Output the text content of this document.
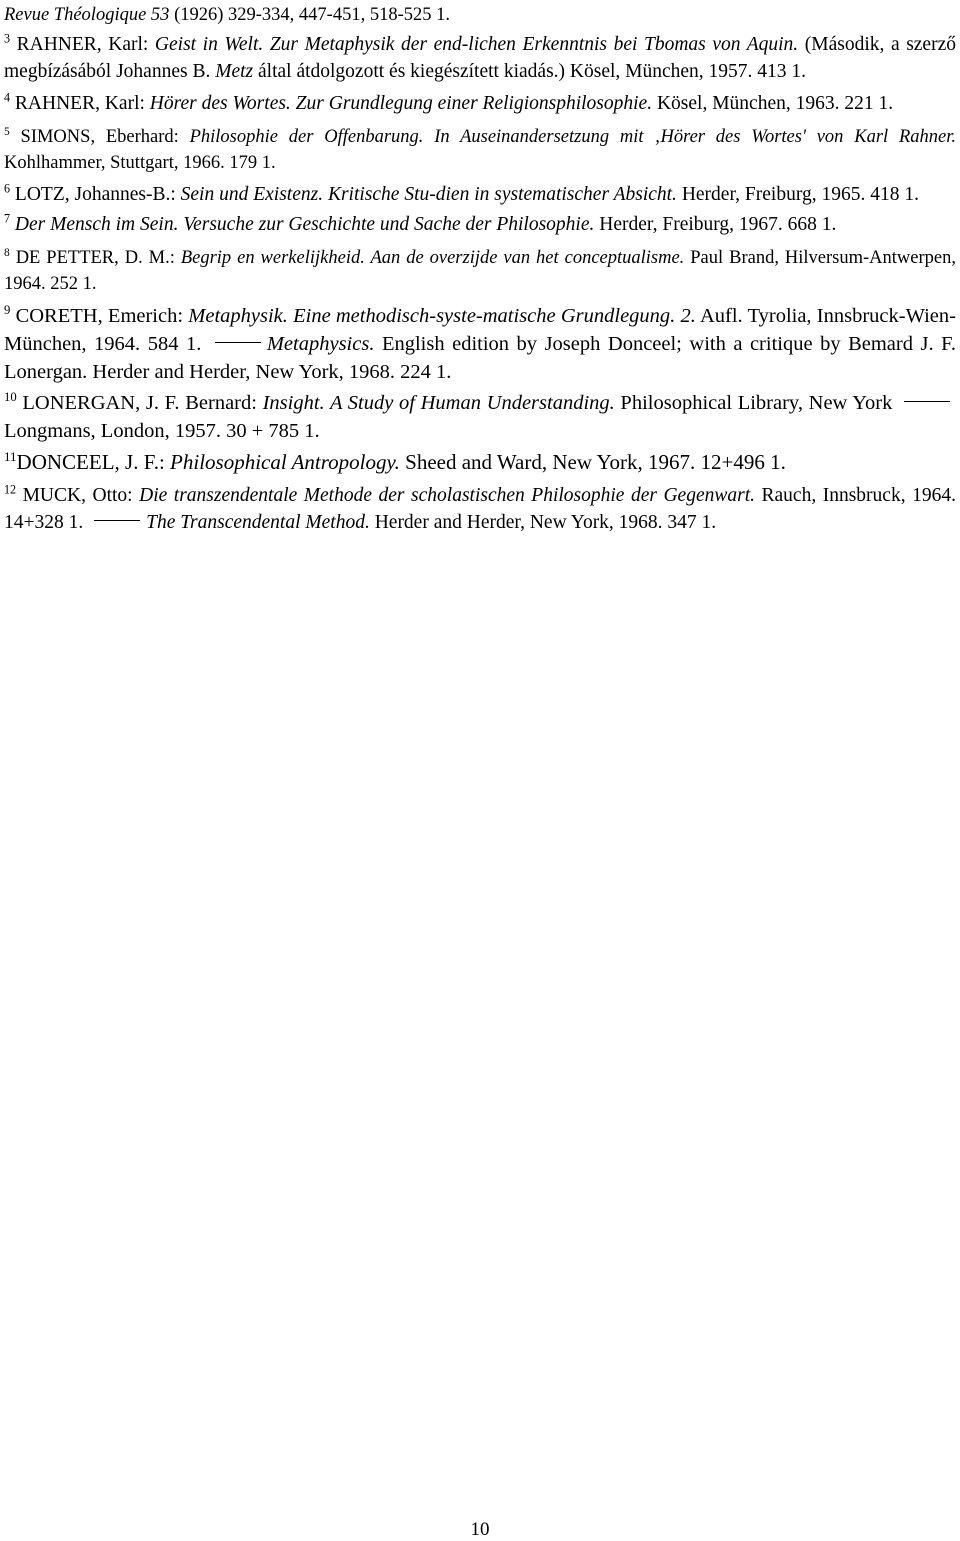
Revue Théologique 53 (1926) 329-334, 447-451, 518-525 1.

$^3$ RAHNER, Karl: Geist in Welt. Zur Metaphysik der end-lichen Erkenntnis bei Tbomas von Aquin. (Második, a szerző megbízásából Johannes B. Metz által átdolgozott és kiegészített kiadás.) Kösel, München, 1957. 413 1.

$^4$ RAHNER, Karl: Hörer des Wortes. Zur Grundlegung einer Religionsphilosophie. Kösel, München, 1963. 221 1.

$^5$ SIMONS, Eberhard: Philosophie der Offenbarung. In Auseinandersetzung mit ‚Hörer des Wortes' von Karl Rahner. Kohlhammer, Stuttgart, 1966. 179 1.

$^6$ LOTZ, Johannes-B.: Sein und Existenz. Kritische Stu-dien in systematischer Absicht. Herder, Freiburg, 1965. 418 1.

$^7$ Der Mensch im Sein. Versuche zur Geschichte und Sache der Philosophie. Herder, Freiburg, 1967. 668 1.

$^8$ DE PETTER, D. M.: Begrip en werkelijkheid. Aan de overzijde van het conceptualisme. Paul Brand, Hilversum-Antwerpen, 1964. 252 1.

$^9$ CORETH, Emerich: Metaphysik. Eine methodisch-syste-matische Grundlegung. 2. Aufl. Tyrolia, Innsbruck-Wien-München, 1964. 584 1.	Metaphysics. English edition by Joseph Donceel; with a critique by Bemard J. F. Lonergan. Herder and Herder, New York, 1968. 224 1.

$^{10}$ LONERGAN, J. F. Bernard: Insight. A Study of Human Understanding. Philosophical Library, New York Longmans, London, 1957. 30 + 785 1.

$^{11}$DONCEEL, J. F.: Philosophical Antropology. Sheed and Ward, New York, 1967. 12+496 1.

$^{12}$ MUCK, Otto: Die transzendentale Methode der scholastischen Philosophie der Gegenwart. Rauch, Innsbruck, 1964. 14+328 1.	The Transcendental Method. Herder and Herder, New York, 1968. 347 1.

10
